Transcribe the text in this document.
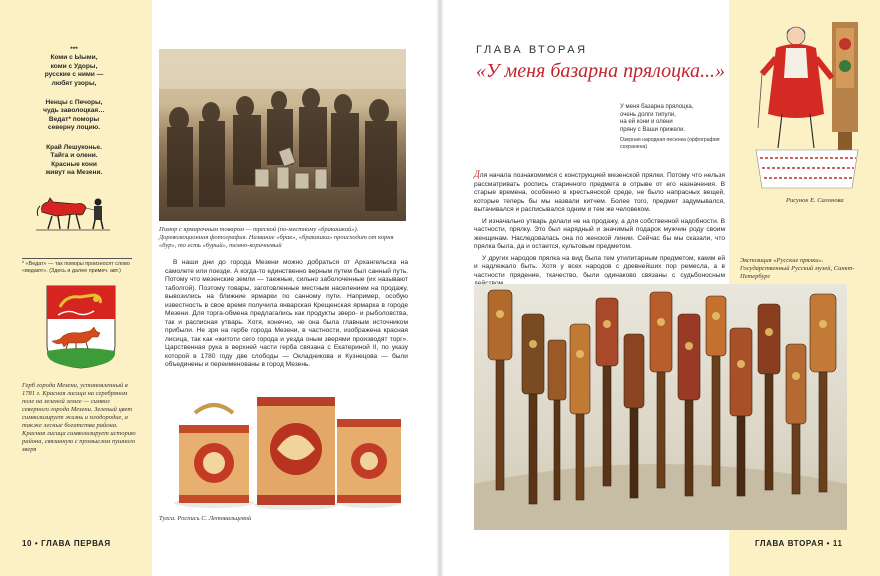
***
Коми с Ыыми,
коми с Удоры,
русские с ними —
любят узоры,
Ненцы с Печоры,
чудь заволоцкая…
Ведат* поморы
северну лоцию.
Край Лешуконье.
Тайга и олени.
Красные кони
живут на Мезени.
* «Ведат» — так поморы произносят слово «ведают». (Здесь и далее примеч. авт.)
Герб города Мезени, установленный в 1781 г. Красная лисица на серебряном поле на зеленой земле — символ северного города Мезени. Зеленый цвет символизирует жизнь и плодородие, а также лесные богатства района. Красная лисица символизирует историю района, связанную с промыслом пушного зверя
Помор с ярмарочным товаром — треской (по-местному «бракашкой»). Дореволюционная фотография. Название «брак», «бракашка» происходит от корня «бур», то есть «бурый», темно-коричневый

В наши дни до города Мезени можно добраться от Архангельска на самолете или поезде. А когда-то единственно верным путем был санный путь. Потому что мезенские земли — таежные, сильно заболоченные (их называют таболгой). Поэтому товары, заготовленные местным населением на продажу, вывозились на ближние ярмарки по санному пути. Например, особую известность в свое время получила январская Крещенская ярмарка в городе Мезени. Для торга-обмена предлагались как продукты зверо- и рыболовства, так и расписная утварь. Хотя, конечно, не она была главным источником прибыли. Не зря на гербе города Мезени, в частности, изображена красная лисица, так как «житоти сего города и уезда оным зверями производят торг». Царственная рука в верхней части герба связана с Екатериной II, по указу которой в 1780 году две слободы — Окладникова и Кузнецова — были объединены и переименованы в город Мезень.

Туеса. Роспись С. Летовальцевой
10 • ГЛАВА ПЕРВАЯ
ГЛАВА ВТОРАЯ
«У меня базарна прялоцка...»
У меня базарна прялоцка,
очень долги типули,
на ей кони и олени
пряну с Ваши прижели.
Озерная народная песенка (орфография сохранена)

Для начала познакомимся с конструкцией мезенской прялки. Потому что нельзя рассматривать роспись старинного предмета в отрыве от его назначения. В старые времена, особенно в крестьянской среде, не было напрасных вещей, которые теперь бы мы назвали китчем. Более того, предмет задумывался, вытачивался и расписывался одним и тем же человеком.

И изначально утварь делали не на продажу, а для собственной надобности. В частности, прялку. Это был нарядный и значимый подарок мужчин роду своим женщинам. Наследовалась она по женской линии. Сейчас бы мы сказали, что прялка была, да и остается, культовым предметом.

У других народов прялка на вид была тем утилитарным предметом, каким ей и надлежало быть. Хотя у всех народов с древнейших пор ремесла, а в частности прядение, ткачество, были одинаково связаны с судьбоносным

Рисунок Е. Салонова
Экспозиция «Русские прялки». Государственный Русский музей, Санкт-Петербург
ГЛАВА ВТОРАЯ • 11
